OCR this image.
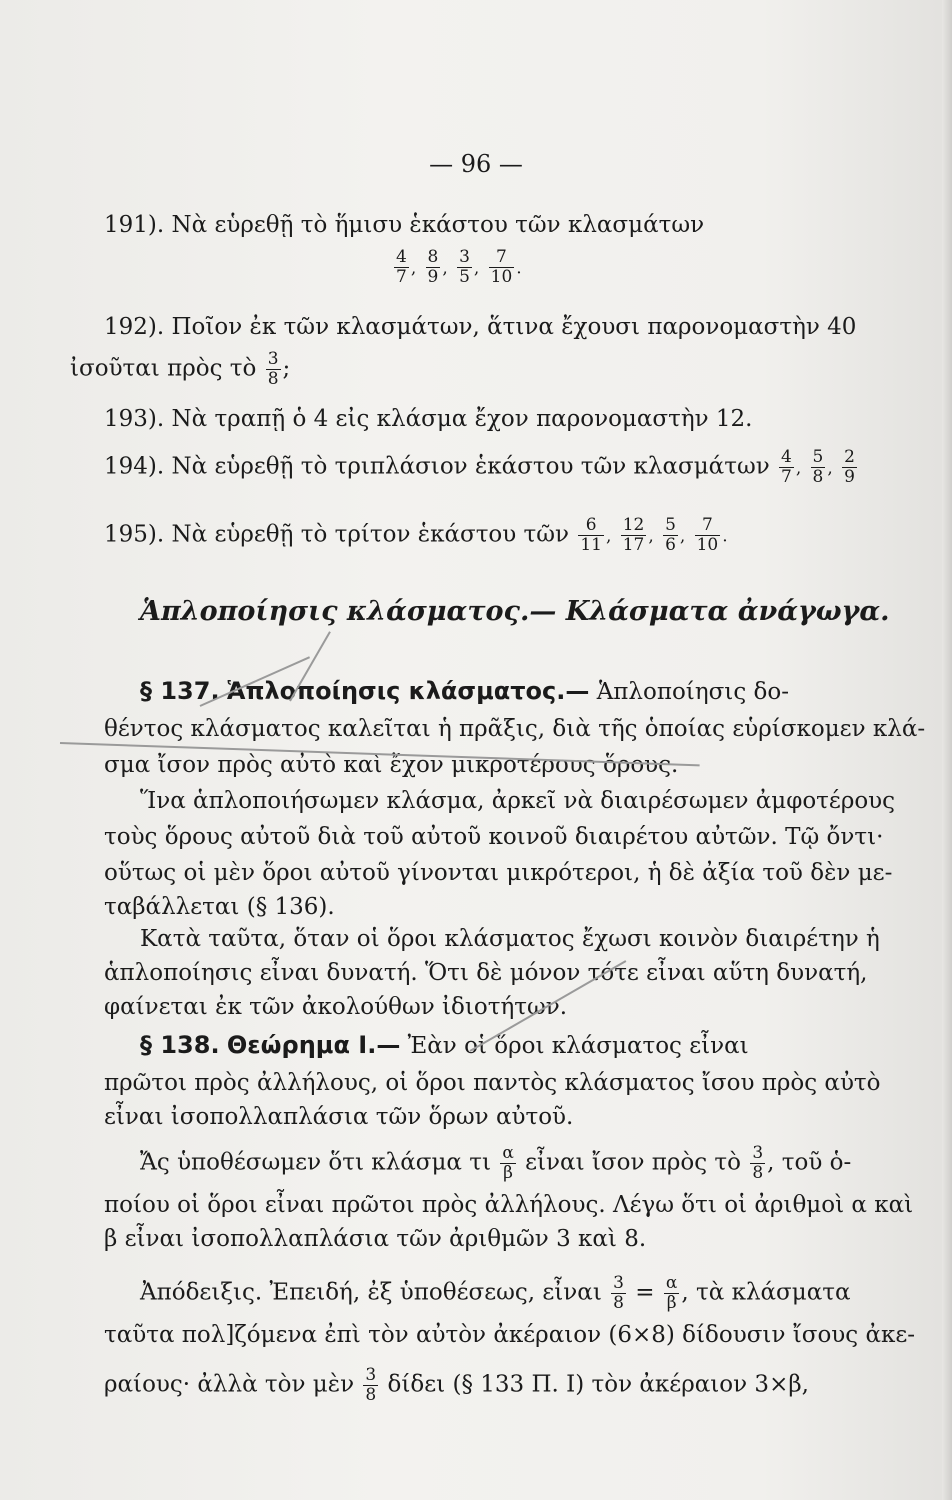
— 96 —
191). Νὰ εὑρεθῇ τὸ ἥμισυ ἑκάστου τῶν κλασμάτων
$\frac{4}{7}$ , $\frac{8}{9}$ , $\frac{3}{5}$ , $\frac{7}{10}$ .
192). Ποῖον ἐκ τῶν κλασμάτων, ἅτινα ἔχουσι παρονομαστὴν 40
ἰσοῦται πρὸς τὸ $\frac{3}{8}$ ;
193). Νὰ τραπῇ ὁ 4 εἰς κλάσμα ἔχον παρονομαστὴν 12.
194). Νὰ εὑρεθῇ τὸ τριπλάσιον ἑκάστου τῶν κλασμάτων $\frac{4}{7}$ , $\frac{5}{8}$ , $\frac{2}{9}$
195). Νὰ εὑρεθῇ τὸ τρίτον ἑκάστου τῶν $\frac{6}{11}$ , $\frac{12}{17}$ , $\frac{5}{6}$ , $\frac{7}{10}$ .
Ἁπλοποίησις κλάσματος.— Κλάσματα ἀνάγωγα.
§ 137. Ἁπλοποίησις κλάσματος.— Ἁπλοποίησις δο-
θέντος κλάσματος καλεῖται ἡ πρᾶξις, διὰ τῆς ὁποίας εὑρίσκομεν κλά-
σμα ἴσον πρὸς αὐτὸ καὶ ἔχον μικροτέρους ὅρους.
Ἵνα ἁπλοποιήσωμεν κλάσμα, ἀρκεῖ νὰ διαιρέσωμεν ἀμφοτέρους
τοὺς ὅρους αὐτοῦ διὰ τοῦ αὐτοῦ κοινοῦ διαιρέτου αὐτῶν. Τῷ ὄντι·
οὕτως οἱ μὲν ὅροι αὐτοῦ γίνονται μικρότεροι, ἡ δὲ ἀξία τοῦ δὲν με-
ταβάλλεται (§ 136).
Κατὰ ταῦτα, ὅταν οἱ ὅροι κλάσματος ἔχωσι κοινὸν διαιρέτην ἡ
ἁπλοποίησις εἶναι δυνατή. Ὅτι δὲ μόνον τότε εἶναι αὕτη δυνατή,
φαίνεται ἐκ τῶν ἀκολούθων ἰδιοτήτων.
§ 138. Θεώρημα Ι.— Ἐὰν οἱ ὅροι κλάσματος εἶναι
πρῶτοι πρὸς ἀλλήλους, οἱ ὅροι παντὸς κλάσματος ἴσου πρὸς αὐτὸ
εἶναι ἰσοπολλαπλάσια τῶν ὅρων αὐτοῦ.
Ἄς ὑποθέσωμεν ὅτι κλάσμα τι $\frac{\alpha}{\beta}$ εἶναι ἴσον πρὸς τὸ $\frac{3}{8}$ , τοῦ ὁ-
ποίου οἱ ὅροι εἶναι πρῶτοι πρὸς ἀλλήλους. Λέγω ὅτι οἱ ἀριθμοὶ α καὶ
β εἶναι ἰσοπολλαπλάσια τῶν ἀριθμῶν 3 καὶ 8.
Ἀπόδειξις. Ἐπειδή, ἐξ ὑποθέσεως, εἶναι $\frac{3}{8} = \frac{\alpha}{\beta}$ , τὰ κλάσματα
ταῦτα πολ]ζόμενα ἐπὶ τὸν αὐτὸν ἀκέραιον (6×8) δίδουσιν ἴσους ἀκε-
ραίους· ἀλλὰ τὸν μὲν $\frac{3}{8}$ δίδει (§ 133 Π. Ι) τὸν ἀκέραιον 3×β,
